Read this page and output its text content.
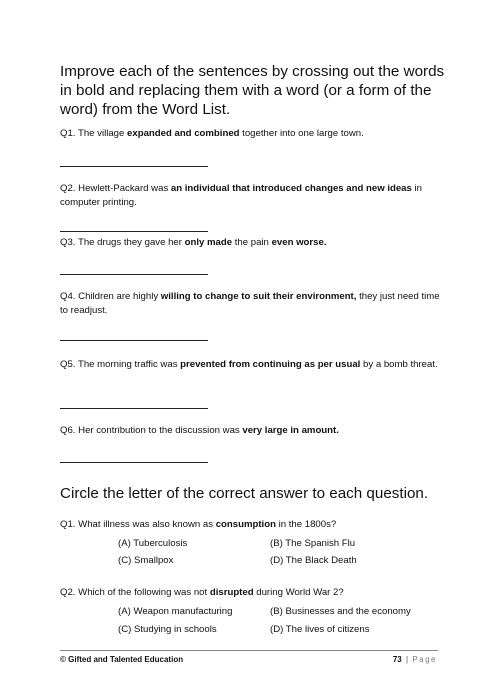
Improve each of the sentences by crossing out the words in bold and replacing them with a word (or a form of the word) from the Word List.
Q1. The village expanded and combined together into one large town.
Q2. Hewlett-Packard was an individual that introduced changes and new ideas in computer printing.
Q3. The drugs they gave her only made the pain even worse.
Q4. Children are highly willing to change to suit their environment, they just need time to readjust.
Q5. The morning traffic was prevented from continuing as per usual by a bomb threat.
Q6. Her contribution to the discussion was very large in amount.
Circle the letter of the correct answer to each question.
Q1. What illness was also known as consumption in the 1800s?
(A) Tuberculosis	(B) The Spanish Flu
(C) Smallpox	(D) The Black Death
Q2. Which of the following was not disrupted during World War 2?
(A) Weapon manufacturing	(B) Businesses and the economy
(C) Studying in schools	(D) The lives of citizens
© Gifted and Talented Education	73 | Page
